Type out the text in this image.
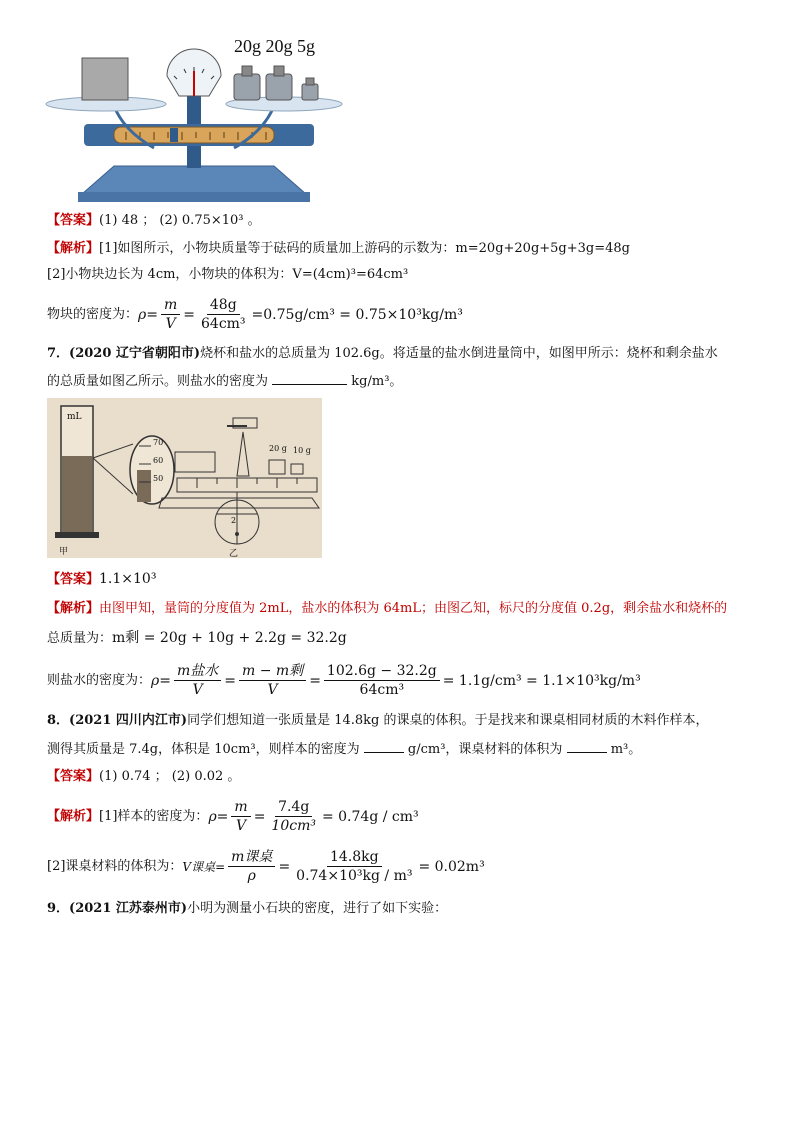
20g 20g 5g
【答案】(1) 48 ； (2) 0.75×10³ 。
【解析】[1]如图所示，小物块质量等于砝码的质量加上游码的示数为：m=20g+20g+5g+3g=48g
[2]小物块边长为 4cm，小物块的体积为：V=(4cm)³=64cm³
物块的密度为： $\rho = \frac{m}{V} = \frac{48g}{\text{64cm³}} =0.75g/cm^3 = 0.75\times 10^3kg/m^3$
7．(2020 辽宁省朝阳市)烧杯和盐水的总质量为 102.6g。将适量的盐水倒进量筒中，如图甲所示：烧杯和剩余盐水
的总质量如图乙所示。则盐水的密度为	kg/m³。
mL
70
60
50
甲	乙
20 g 10 g
2
【答案】1.1×10³
【解析】由图甲知，量筒的分度值为 2mL，盐水的体积为 64mL；由图乙知，标尺的分度值 0.2g，剩余盐水和烧杯的
总质量为：m剩 = 20g + 10g + 2.2g = 32.2g
则盐水的密度为： $\rho = \frac{\text{m盐水}}{V} = \frac{\text{m − m剩}}{V} = \frac{102.6g - 32.2g}{\text{64cm³}} = 1.1g/cm^3 = 1.1\times 10^3kg/m^3$
8．(2021 四川内江市)同学们想知道一张质量是 14.8kg 的课桌的体积。于是找来和课桌相同材质的木料作样本，
测得其质量是 7.4g，体积是 10cm³，则样本的密度为	g/cm³，课桌材料的体积为	m³。
【答案】(1) 0.74 ； (2) 0.02 。
【解析】 [1]样本的密度为： $\rho = \frac{m}{V} = \frac{7.4g}{\text{10cm³}} = 0.74g / cm^3$
[2]课桌材料的体积为： V课桌= $\frac{\text{m课桌}}{\rho} = \frac{14.8kg}{\text{0.74×10³kg / m³}} = 0.02m^3$
9．(2021 江苏泰州市)小明为测量小石块的密度，进行了如下实验：
